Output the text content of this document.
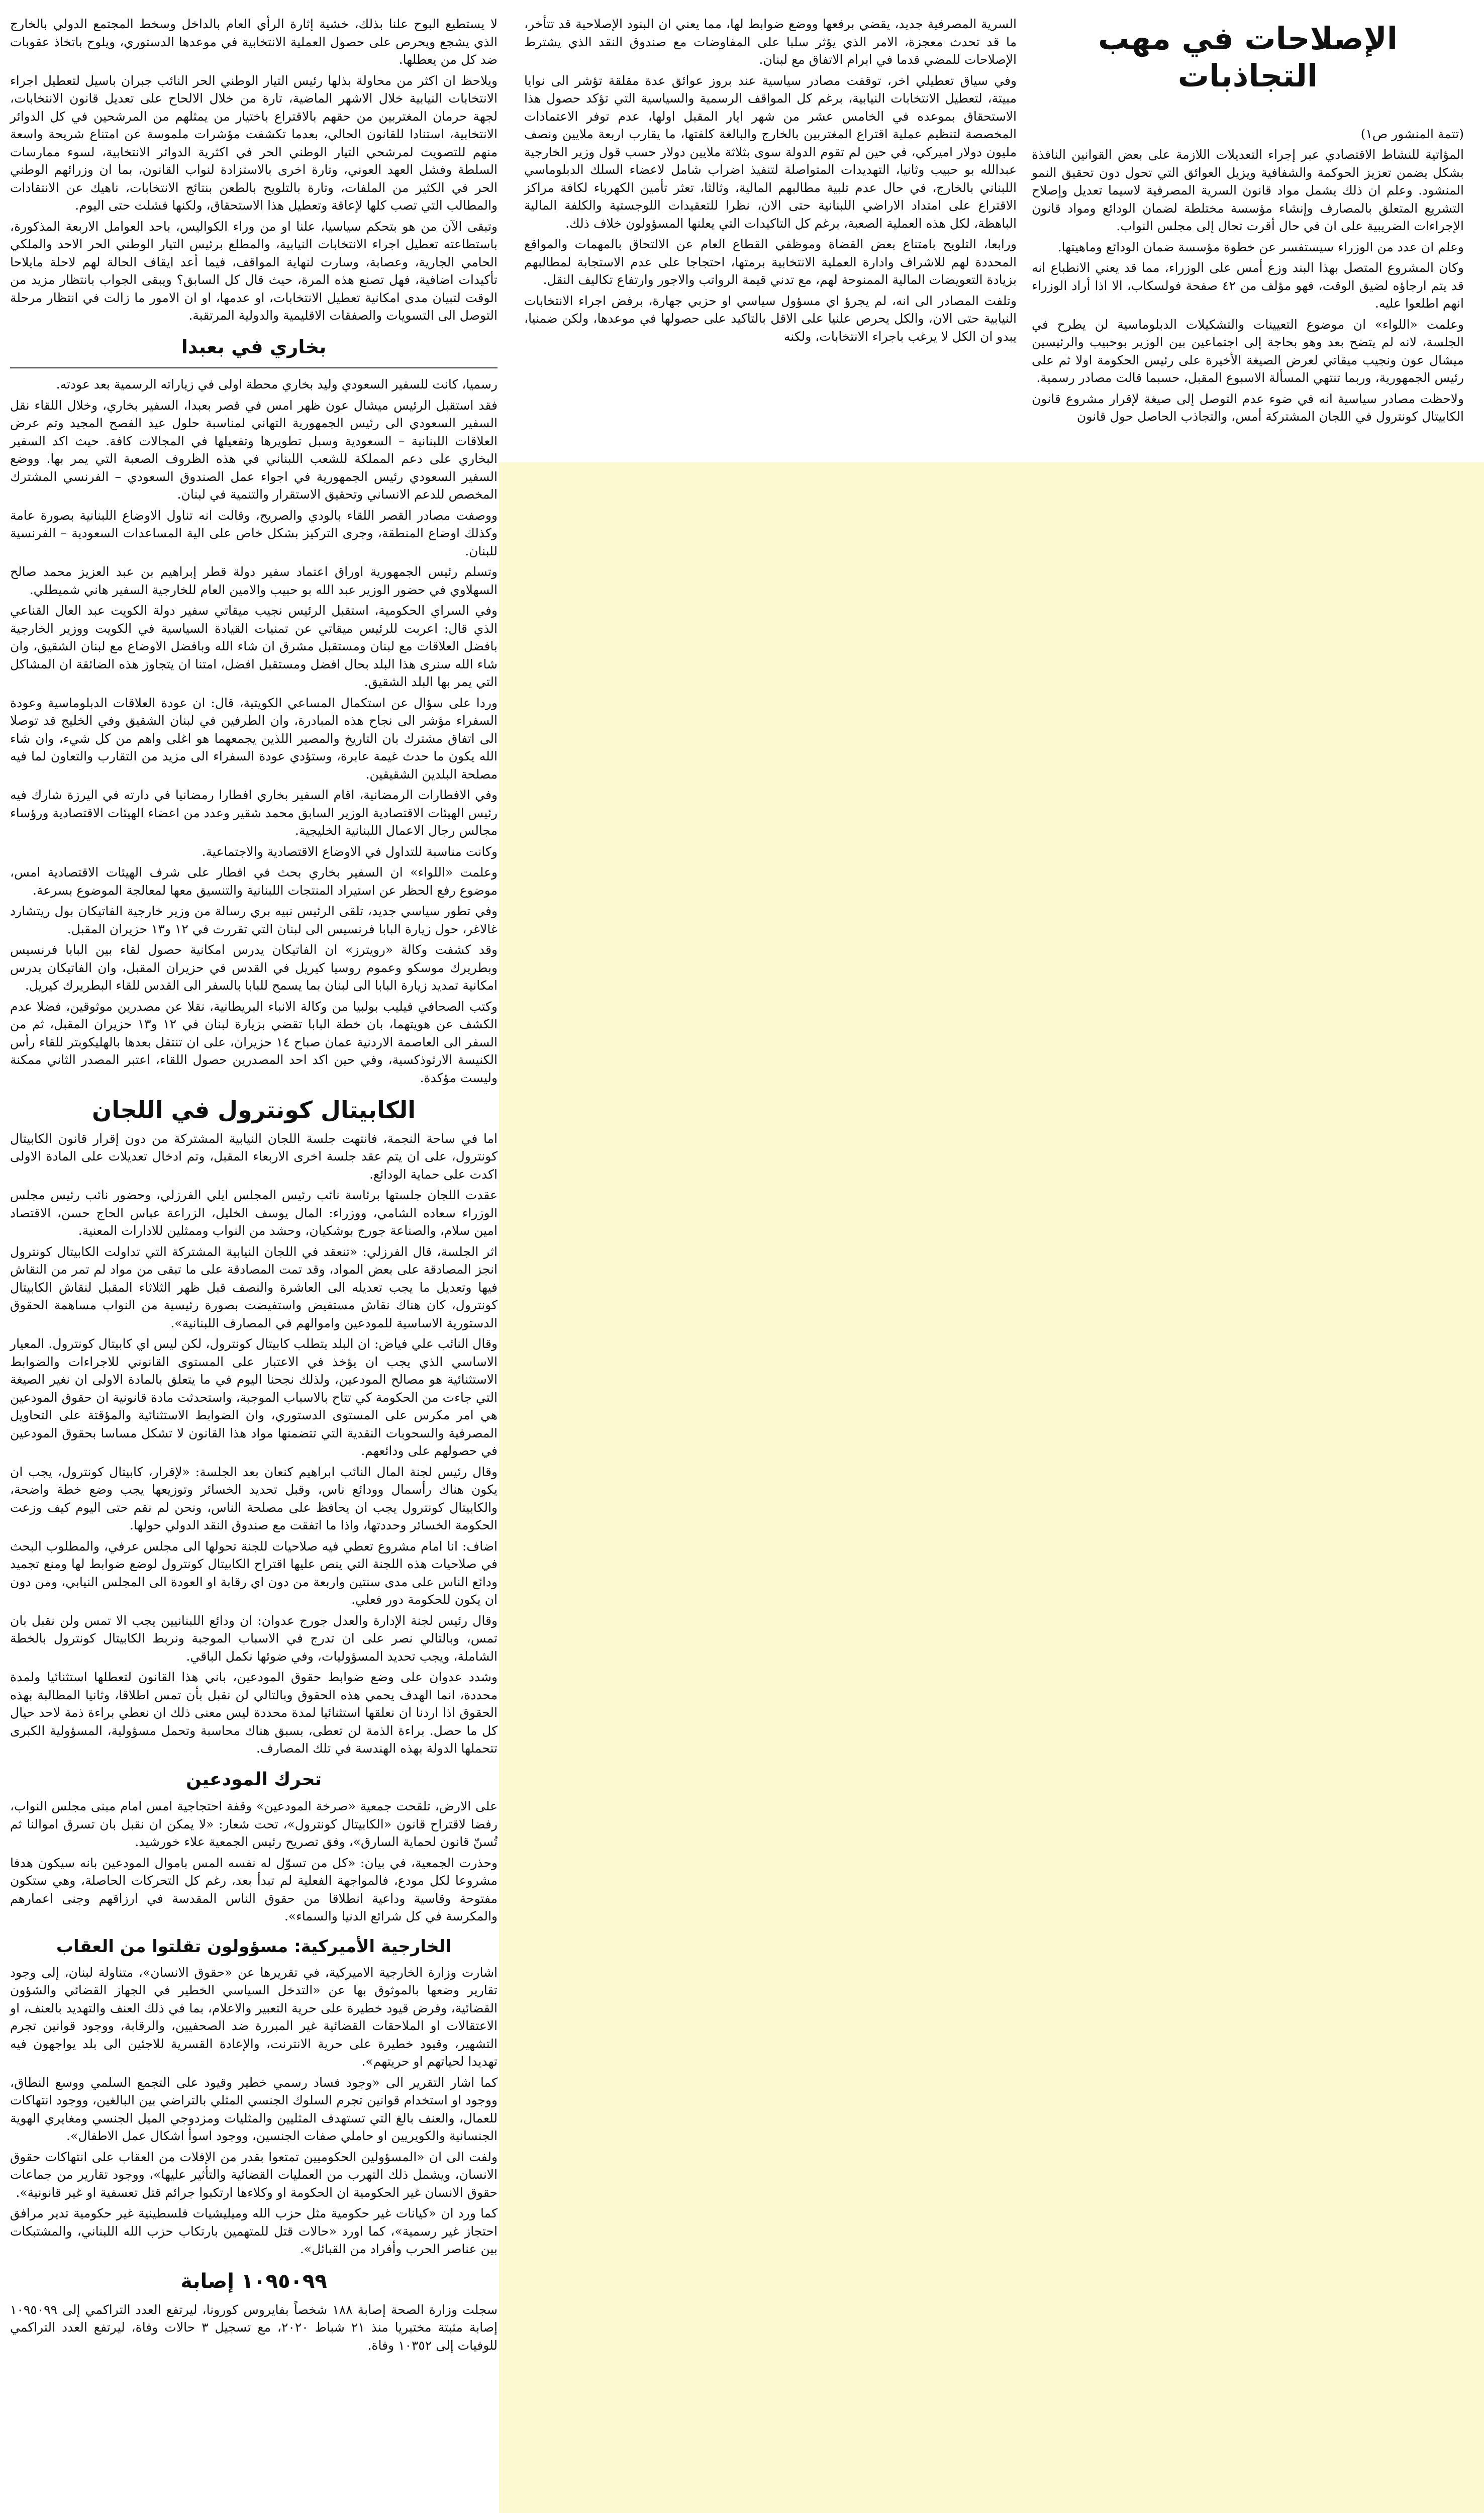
الإصلاحات في مهب التجاذبات

(تتمة المنشور ص١)

المؤاتية للنشاط الاقتصادي عبر إجراء التعديلات اللازمة على بعض القوانين النافذة بشكل يضمن تعزيز الحوكمة والشفافية ويزيل العوائق التي تحول دون تحقيق النمو المنشود. وعلم ان ذلك يشمل مواد قانون السرية المصرفية لاسيما تعديل وإصلاح التشريع المتعلق بالمصارف وإنشاء مؤسسة مختلطة لضمان الودائع ومواد قانون الإجراءات الضريبية على ان في حال أقرت تحال إلى مجلس النواب.

وعلم ان عدد من الوزراء سيستفسر عن خطوة مؤسسة ضمان الودائع وماهيتها.

وكان المشروع المتصل بهذا البند وزع أمس على الوزراء، مما قد يعني الانطباع انه قد يتم ارجاؤه لضيق الوقت، فهو مؤلف من ٤٢ صفحة فولسكاب، الا اذا أراد الوزراء انهم اطلعوا عليه.

وعلمت «اللواء» ان موضوع التعيينات والتشكيلات الدبلوماسية لن يطرح في الجلسة، لانه لم يتضح بعد وهو بحاجة إلى اجتماعين بين الوزير بوحبيب والرئيسين ميشال عون ونجيب ميقاتي لعرض الصيغة الأخيرة على رئيس الحكومة اولا ثم على رئيس الجمهورية، وربما تنتهي المسألة الاسبوع المقبل، حسبما قالت مصادر رسمية.

ولاحظت مصادر سياسية انه في ضوء عدم التوصل إلى صيغة لإقرار مشروع قانون الكابيتال كونترول في اللجان المشتركة أمس، والتجاذب الحاصل حول قانون

السرية المصرفية جديد، يقضي برفعها ووضع ضوابط لها، مما يعني ان البنود الإصلاحية قد تتأخر، ما قد تحدث معجزة، الامر الذي يؤثر سلبا على المفاوضات مع صندوق النقد الذي يشترط الإصلاحات للمضي قدما في ابرام الاتفاق مع لبنان.

وفي سياق تعطيلي اخر، توقفت مصادر سياسية عند بروز عوائق عدة مقلقة تؤشر الى نوايا مبيتة، لتعطيل الانتخابات النيابية، برغم كل المواقف الرسمية والسياسية التي تؤكد حصول هذا الاستحقاق بموعده في الخامس عشر من شهر ايار المقبل اولها، عدم توفر الاعتمادات المخصصة لتنظيم عملية اقتراع المغتربين بالخارج والبالغة كلفتها، ما يقارب اربعة ملايين ونصف مليون دولار اميركي، في حين لم تقوم الدولة سوى بثلاثة ملايين دولار حسب قول وزير الخارجية عبدالله بو حبيب وثانيا، التهديدات المتواصلة لتنفيذ اضراب شامل لاعضاء السلك الدبلوماسي اللبناني بالخارج، في حال عدم تلبية مطالبهم المالية، وثالثا، تعثر تأمين الكهرباء لكافة مراكز الاقتراع على امتداد الاراضي اللبنانية حتى الان، نظرا للتعقيدات اللوجستية والكلفة المالية الباهظة، لكل هذه العملية الصعبة، برغم كل التاكيدات التي يعلنها المسؤولون خلاف ذلك.

ورابعا، التلويح بامتناع بعض القضاة وموظفي القطاع العام عن الالتحاق بالمهمات والمواقع المحددة لهم للاشراف وادارة العملية الانتخابية برمتها، احتجاجا على عدم الاستجابة لمطالبهم بزيادة التعويضات المالية الممنوحة لهم، مع تدني قيمة الرواتب والاجور وارتفاع تكاليف النقل.

وتلفت المصادر الى انه، لم يجرؤ اي مسؤول سياسي او حزبي جهارة، برفض اجراء الانتخابات النيابية حتى الان، والكل يحرص علنيا على الاقل بالتاكيد على حصولها في موعدها، ولكن ضمنيا، يبدو ان الكل لا يرغب باجراء الانتخابات، ولكنه

لا يستطيع البوح علنا بذلك، خشية إثارة الرأي العام بالداخل وسخط المجتمع الدولي بالخارج الذي يشجع ويحرص على حصول العملية الانتخابية في موعدها الدستوري، ويلوح باتخاذ عقوبات ضد كل من يعطلها.

ويلاحظ ان اكثر من محاولة بذلها رئيس التيار الوطني الحر النائب جبران باسيل لتعطيل اجراء الانتخابات النيابية خلال الاشهر الماضية، تارة من خلال الالحاح على تعديل قانون الانتخابات، لجهة حرمان المغتربين من حقهم بالاقتراع باختيار من يمثلهم من المرشحين في كل الدوائر الانتخابية، استنادا للقانون الحالي، بعدما تكشفت مؤشرات ملموسة عن امتناع شريحة واسعة منهم للتصويت لمرشحي التيار الوطني الحر في اكثرية الدوائر الانتخابية، لسوء ممارسات السلطة وفشل العهد العوني، وتارة اخرى بالاستزادة لنواب القانون، بما ان وزرائهم الوطني الحر في الكثير من الملفات، وتارة بالتلويح بالطعن بنتائج الانتخابات، ناهيك عن الانتقادات والمطالب التي تصب كلها لإعاقة وتعطيل هذا الاستحقاق، ولكنها فشلت حتى اليوم.

وتبقى الآن من هو بتحكم سياسيا، علنا او من وراء الكواليس، باحد العوامل الاربعة المذكورة، باستطاعته تعطيل اجراء الانتخابات النيابية، والمطلع برئيس التيار الوطني الحر الاحد والملكي الحامي الجارية، وعصابة، وسارت لنهاية المواقف، فيما أعد ايقاف الحالة لهم لاحلة مايلاحا تأكيدات اضافية، فهل تصنع هذه المرة، حيث قال كل السابق؟ ويبقى الجواب بانتظار مزيد من الوقت لتبيان مدى امكانية تعطيل الانتخابات، او عدمها، او ان الامور ما زالت في انتظار مرحلة التوصل الى التسويات والصفقات الاقليمية والدولية المرتقبة.

بخاري في بعبدا

رسميا، كانت للسفير السعودي وليد بخاري محطة اولى في زياراته الرسمية بعد عودته.

فقد استقبل الرئيس ميشال عون ظهر امس في قصر بعبدا، السفير بخاري، وخلال اللقاء نقل السفير السعودي الى رئيس الجمهورية التهاني لمناسبة حلول عيد الفصح المجيد وتم عرض العلاقات اللبنانية – السعودية وسبل تطويرها وتفعيلها في المجالات كافة. حيث اكد السفير البخاري على دعم المملكة للشعب اللبناني في هذه الظروف الصعبة التي يمر بها. ووضع السفير السعودي رئيس الجمهورية في اجواء عمل الصندوق السعودي – الفرنسي المشترك المخصص للدعم الانساني وتحقيق الاستقرار والتنمية في لبنان.

ووصفت مصادر القصر اللقاء بالودي والصريح، وقالت انه تناول الاوضاع اللبنانية بصورة عامة وكذلك اوضاع المنطقة، وجرى التركيز بشكل خاص على الية المساعدات السعودية – الفرنسية للبنان.

وتسلم رئيس الجمهورية اوراق اعتماد سفير دولة قطر إبراهيم بن عبد العزيز محمد صالح السهلاوي في حضور الوزير عبد الله بو حبيب والامين العام للخارجية السفير هاني شميطلي.

وفي السراي الحكومية، استقبل الرئيس نجيب ميقاتي سفير دولة الكويت عبد العال القناعي الذي قال: اعربت للرئيس ميقاتي عن تمنيات القيادة السياسية في الكويت ووزير الخارجية بافضل العلاقات مع لبنان ومستقبل مشرق ان شاء الله وبافضل الاوضاع مع لبنان الشقيق، وان شاء الله سنرى هذا البلد بحال افضل ومستقبل افضل، امتنا ان يتجاوز هذه الضائقة ان المشاكل التي يمر بها البلد الشقيق.

وردا على سؤال عن استكمال المساعي الكويتية، قال: ان عودة العلاقات الدبلوماسية وعودة السفراء مؤشر الى نجاح هذه المبادرة، وان الطرفين في لبنان الشقيق وفي الخليج قد توصلا الى اتفاق مشترك بان التاريخ والمصير اللذين يجمعهما هو اغلى واهم من كل شيء، وان شاء الله يكون ما حدث غيمة عابرة، وستؤدي عودة السفراء الى مزيد من التقارب والتعاون لما فيه مصلحة البلدين الشقيقين.

وفي الافطارات الرمضانية، اقام السفير بخاري افطارا رمضانيا في دارته في اليرزة شارك فيه رئيس الهيئات الاقتصادية الوزير السابق محمد شقير وعدد من اعضاء الهيئات الاقتصادية ورؤساء مجالس رجال الاعمال اللبنانية الخليجية.

وكانت مناسبة للتداول في الاوضاع الاقتصادية والاجتماعية.

وعلمت «اللواء» ان السفير بخاري بحث في افطار على شرف الهيئات الاقتصادية امس، موضوع رفع الحظر عن استيراد المنتجات اللبنانية والتنسيق معها لمعالجة الموضوع بسرعة.

وفي تطور سياسي جديد، تلقى الرئيس نبيه بري رسالة من وزير خارجية الفاتيكان بول ريتشارد غالاغر، حول زيارة البابا فرنسيس الى لبنان التي تقررت في ١٢ و١٣ حزيران المقبل.

وقد كشفت وكالة «رويترز» ان الفاتيكان يدرس امكانية حصول لقاء بين البابا فرنسيس وبطريرك موسكو وعموم روسيا كيريل في القدس في حزيران المقبل، وان الفاتيكان يدرس امكانية تمديد زيارة البابا الى لبنان بما يسمح للبابا بالسفر الى القدس للقاء البطريرك كيريل.

وكتب الصحافي فيليب بولبيا من وكالة الانباء البريطانية، نقلا عن مصدرين موثوقين، فضلا عدم الكشف عن هويتهما، بان خطة البابا تقضي بزيارة لبنان في ١٢ و١٣ حزيران المقبل، ثم من السفر الى العاصمة الاردنية عمان صباح ١٤ حزيران، على ان تنتقل بعدها بالهليكوبتر للقاء رأس الكنيسة الارثوذكسية، وفي حين اكد احد المصدرين حصول اللقاء، اعتبر المصدر الثاني ممكنة وليست مؤكدة.

الكابيتال كونترول في اللجان

اما في ساحة النجمة، فانتهت جلسة اللجان النيابية المشتركة من دون إقرار قانون الكابيتال كونترول، على ان يتم عقد جلسة اخرى الاربعاء المقبل، وتم ادخال تعديلات على المادة الاولى اكدت على حماية الودائع.

عقدت اللجان جلستها برئاسة نائب رئيس المجلس ايلي الفرزلي، وحضور نائب رئيس مجلس الوزراء سعاده الشامي، ووزراء: المال يوسف الخليل، الزراعة عباس الحاج حسن، الاقتصاد امين سلام، والصناعة جورج بوشكيان، وحشد من النواب وممثلين للادارات المعنية.

اثر الجلسة، قال الفرزلي: «تنعقد في اللجان النيابية المشتركة التي تداولت الكابيتال كونترول انجز المصادقة على بعض المواد، وقد تمت المصادقة على ما تبقى من مواد لم تمر من النقاش فيها وتعديل ما يجب تعديله الى العاشرة والنصف قبل ظهر الثلاثاء المقبل لنقاش الكابيتال كونترول، كان هناك نقاش مستفيض واستفيضت بصورة رئيسية من النواب مساهمة الحقوق الدستورية الاساسية للمودعين واموالهم في المصارف اللبنانية».

وقال النائب علي فياض: ان البلد يتطلب كابيتال كونترول، لكن ليس اي كابيتال كونترول. المعيار الاساسي الذي يجب ان يؤخذ في الاعتبار على المستوى القانوني للاجراءات والضوابط الاستثنائية هو مصالح المودعين، ولذلك نجحنا اليوم في ما يتعلق بالمادة الاولى ان نغير الصيغة التي جاءت من الحكومة كي تتاح بالاسباب الموجبة، واستحدثت مادة قانونية ان حقوق المودعين هي امر مكرس على المستوى الدستوري، وان الضوابط الاستثنائية والمؤقتة على التحاويل المصرفية والسحوبات النقدية التي تتضمنها مواد هذا القانون لا تشكل مساسا بحقوق المودعين في حصولهم على ودائعهم.

وقال رئيس لجنة المال النائب ابراهيم كنعان بعد الجلسة: «لإقرار، كابيتال كونترول، يجب ان يكون هناك رأسمال وودائع ناس، وقبل تحديد الخسائر وتوزيعها يجب وضع خطة واضحة، والكابيتال كونترول يجب ان يحافظ على مصلحة الناس، ونحن لم نقم حتى اليوم كيف وزعت الحكومة الخسائر وحددتها، واذا ما اتفقت مع صندوق النقد الدولي حولها.

اضاف: انا امام مشروع تعطي فيه صلاحيات للجنة تحولها الى مجلس عرفي، والمطلوب البحث في صلاحيات هذه اللجنة التي ينص عليها اقتراح الكابيتال كونترول لوضع ضوابط لها ومنع تجميد ودائع الناس على مدى سنتين واربعة من دون اي رقابة او العودة الى المجلس النيابي، ومن دون ان يكون للحكومة دور فعلي.

وقال رئيس لجنة الإدارة والعدل جورج عدوان: ان ودائع اللبنانيين يجب الا تمس ولن نقبل بان تمس، وبالتالي نصر على ان تدرج في الاسباب الموجبة ونربط الكابيتال كونترول بالخطة الشاملة، ويجب تحديد المسؤوليات، وفي ضوئها نكمل الباقي.

وشدد عدوان على وضع ضوابط حقوق المودعين، باني هذا القانون لتعطلها استثنائيا ولمدة محددة، انما الهدف يحمي هذه الحقوق وبالتالي لن نقبل بأن تمس اطلاقا، وثانيا المطالبة بهذه الحقوق اذا اردنا ان نعلقها استثنائيا لمدة محددة ليس معنى ذلك ان نعطي براءة ذمة لاحد حيال كل ما حصل. براءة الذمة لن تعطى، بسبق هناك محاسبة وتحمل مسؤولية، المسؤولية الكبرى تتحملها الدولة بهذه الهندسة في تلك المصارف.

تحرك المودعين

على الارض، تلقحت جمعية «صرخة المودعين» وقفة احتجاجية امس امام مبنى مجلس النواب، رفضا لاقتراح قانون «الكابيتال كونترول»، تحت شعار: «لا يمكن ان نقبل بان تسرق اموالنا ثم تُسنّ قانون لحماية السارق»، وفق تصريح رئيس الجمعية علاء خورشيد.

وحذرت الجمعية، في بيان: «كل من تسوّل له نفسه المس باموال المودعين بانه سيكون هدفا مشروعا لكل مودع، فالمواجهة الفعلية لم تبدأ بعد، رغم كل التحركات الحاصلة، وهي ستكون مفتوحة وقاسية وداعية انطلاقا من حقوق الناس المقدسة في ارزاقهم وجنى اعمارهم والمكرسة في كل شرائع الدنيا والسماء».

الخارجية الأميركية: مسؤولون تقلتوا من العقاب

اشارت وزارة الخارجية الاميركية، في تقريرها عن «حقوق الانسان»، متناولة لبنان، إلى وجود تقارير وضعها بالموثوق بها عن «التدخل السياسي الخطير في الجهاز القضائي والشؤون القضائية، وفرض قيود خطيرة على حرية التعبير والاعلام، بما في ذلك العنف والتهديد بالعنف، او الاعتقالات او الملاحقات القضائية غير المبررة ضد الصحفيين، والرقابة، ووجود قوانين تجرم التشهير، وقيود خطيرة على حرية الانترنت، والإعادة القسرية للاجئين الى بلد يواجهون فيه تهديدا لحياتهم او حريتهم».

كما اشار التقرير الى «وجود فساد رسمي خطير وقيود على التجمع السلمي ووسع النطاق، ووجود او استخدام قوانين تجرم السلوك الجنسي المثلي بالتراضي بين البالغين، ووجود انتهاكات للعمال، والعنف بالغ التي تستهدف المثليين والمثليات ومزدوجي الميل الجنسي ومغايري الهوية الجنسانية والكويريين او حاملي صفات الجنسين، ووجود اسوأ اشكال عمل الاطفال».

ولفت الى ان «المسؤولين الحكوميين تمتعوا بقدر من الإفلات من العقاب على انتهاكات حقوق الانسان، ويشمل ذلك التهرب من العمليات القضائية والتأثير عليها»، ووجود تقارير من جماعات حقوق الانسان غير الحكومية ان الحكومة او وكلاءها ارتكبوا جرائم قتل تعسفية او غير قانونية».

كما ورد ان «كيانات غير حكومية مثل حزب الله وميليشيات فلسطينية غير حكومية تدير مرافق احتجاز غير رسمية»، كما اورد «حالات قتل للمتهمين بارتكاب حزب الله اللبناني، والمشتبكات بين عناصر الحرب وأفراد من القبائل».

١٠٩٥٠٩٩ إصابة

سجلت وزارة الصحة إصابة ١٨٨ شخصاً بفايروس كورونا، ليرتفع العدد التراكمي إلى ١٠٩٥٠٩٩ إصابة مثبتة مختبريا منذ ٢١ شباط ٢٠٢٠، مع تسجيل ٣ حالات وفاة، ليرتفع العدد التراكمي للوفيات إلى ١٠٣٥٢ وفاة.
